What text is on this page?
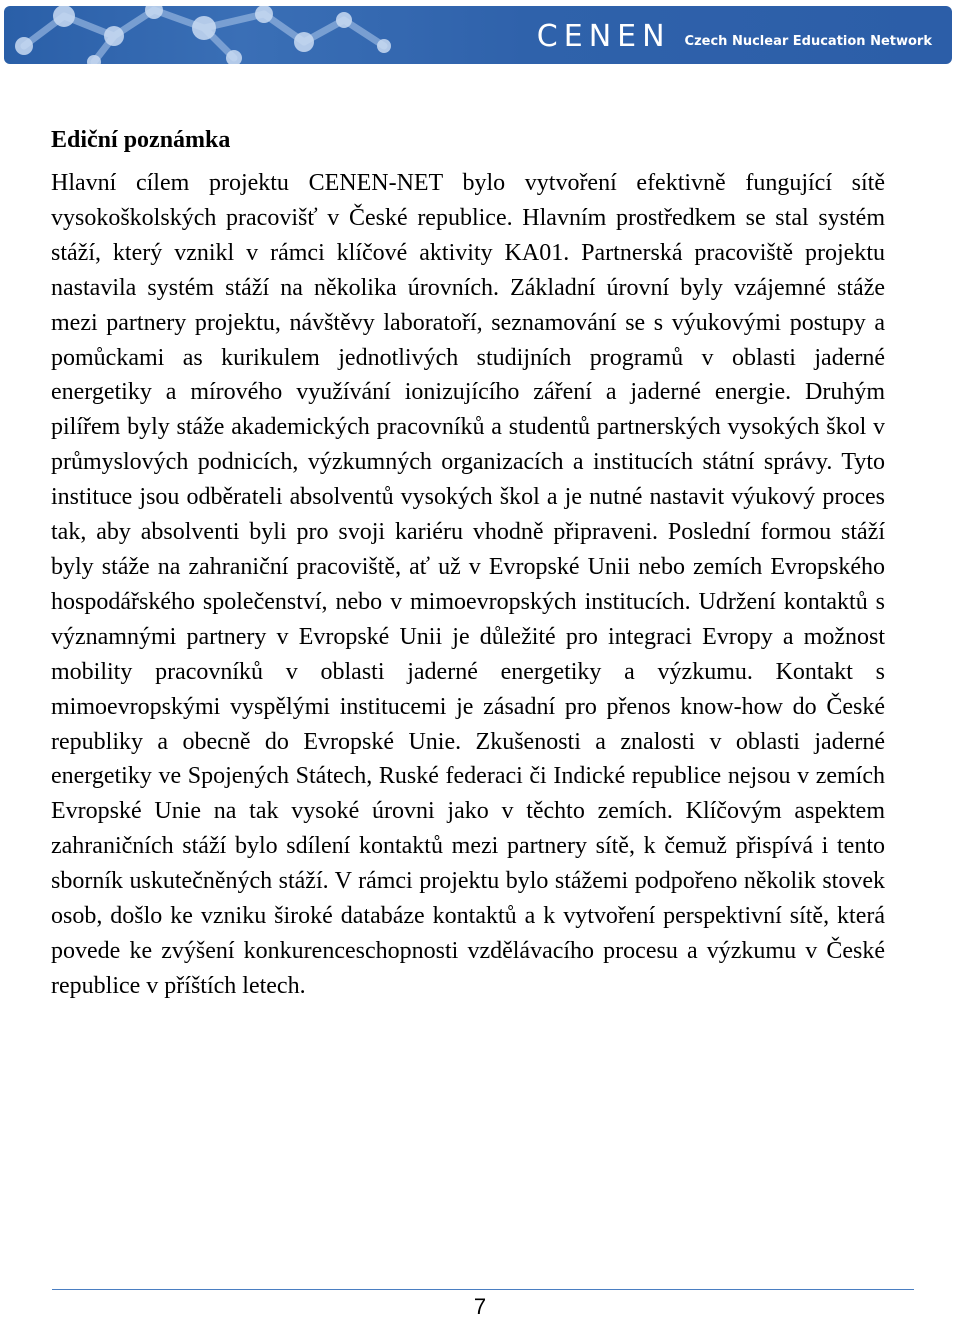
CENEN Czech Nuclear Education Network
Ediční poznámka

Hlavní cílem projektu CENEN-NET bylo vytvoření efektivně fungující sítě vysokoškolských pracovišť v České republice. Hlavním prostředkem se stal systém stáží, který vznikl v rámci klíčové aktivity KA01. Partnerská pracoviště projektu nastavila systém stáží na několika úrovních. Základní úrovní byly vzájemné stáže mezi partnery projektu, návštěvy laboratoří, seznamování se s výukovými postupy a pomůckami as kurikulem jednotlivých studijních programů v oblasti jaderné energetiky a mírového využívání ionizujícího záření a jaderné energie. Druhým pilířem byly stáže akademických pracovníků a studentů partnerských vysokých škol v průmyslových podnicích, výzkumných organizacích a institucích státní správy. Tyto instituce jsou odběrateli absolventů vysokých škol a je nutné nastavit výukový proces tak, aby absolventi byli pro svoji kariéru vhodně připraveni. Poslední formou stáží byly stáže na zahraniční pracoviště, ať už v Evropské Unii nebo zemích Evropského hospodářského společenství, nebo v mimoevropských institucích. Udržení kontaktů s významnými partnery v Evropské Unii je důležité pro integraci Evropy a možnost mobility pracovníků v oblasti jaderné energetiky a výzkumu. Kontakt s mimoevropskými vyspělými institucemi je zásadní pro přenos know-how do České republiky a obecně do Evropské Unie. Zkušenosti a znalosti v oblasti jaderné energetiky ve Spojených Státech, Ruské federaci či Indické republice nejsou v zemích Evropské Unie na tak vysoké úrovni jako v těchto zemích. Klíčovým aspektem zahraničních stáží bylo sdílení kontaktů mezi partnery sítě, k čemuž přispívá i tento sborník uskutečněných stáží. V rámci projektu bylo stážemi podpořeno několik stovek osob, došlo ke vzniku široké databáze kontaktů a k vytvoření perspektivní sítě, která povede ke zvýšení konkurenceschopnosti vzdělávacího procesu a výzkumu v České republice v příštích letech.

7
